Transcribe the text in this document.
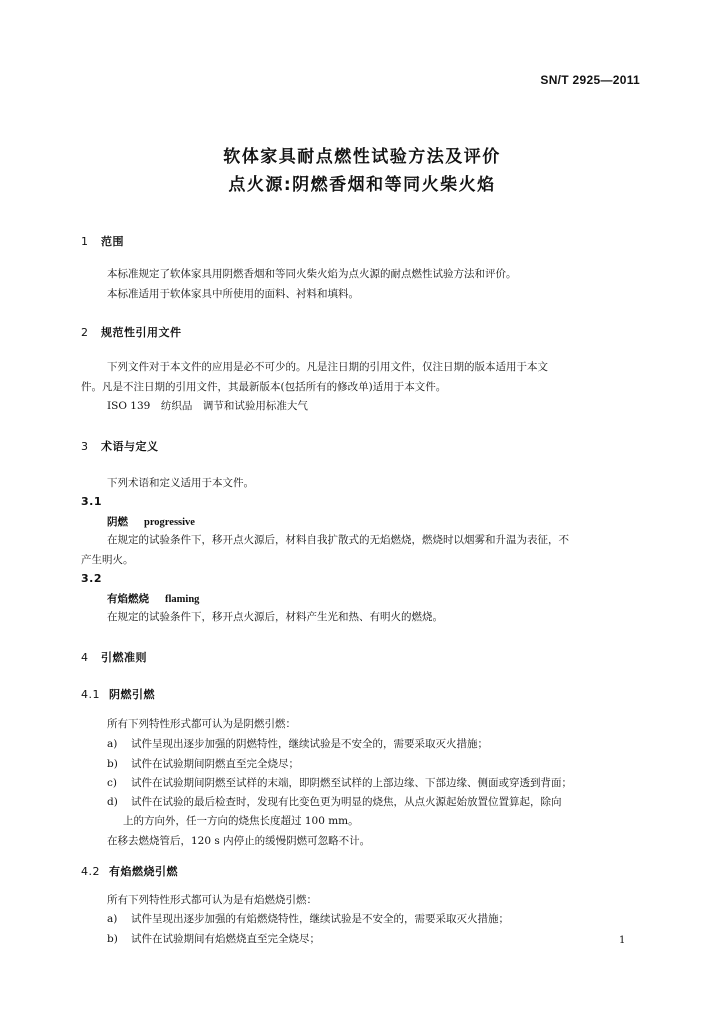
SN/T 2925—2011
软体家具耐点燃性试验方法及评价
点火源:阴燃香烟和等同火柴火焰
1 范围
本标准规定了软体家具用阴燃香烟和等同火柴火焰为点火源的耐点燃性试验方法和评价。
本标准适用于软体家具中所使用的面料、衬料和填料。
2 规范性引用文件
下列文件对于本文件的应用是必不可少的。凡是注日期的引用文件，仅注日期的版本适用于本文
件。凡是不注日期的引用文件，其最新版本(包括所有的修改单)适用于本文件。
ISO 139　纺织品　调节和试验用标准大气
3 术语与定义
下列术语和定义适用于本文件。
3.1
阴燃 progressive
在规定的试验条件下，移开点火源后，材料自我扩散式的无焰燃烧，燃烧时以烟雾和升温为表征，不
产生明火。
3.2
有焰燃烧 flaming
在规定的试验条件下，移开点火源后，材料产生光和热、有明火的燃烧。
4 引燃准则
4.1 阴燃引燃
所有下列特性形式都可认为是阴燃引燃：
a) 试件呈现出逐步加强的阴燃特性，继续试验是不安全的，需要采取灭火措施；
b) 试件在试验期间阴燃直至完全烧尽；
c) 试件在试验期间阴燃至试样的末端，即阴燃至试样的上部边缘、下部边缘、侧面或穿透到背面；
d) 试件在试验的最后检查时，发现有比变色更为明显的烧焦，从点火源起始放置位置算起，除向
上的方向外，任一方向的烧焦长度超过 100 mm。
在移去燃烧管后，120 s 内停止的缓慢阴燃可忽略不计。
4.2 有焰燃烧引燃
所有下列特性形式都可认为是有焰燃烧引燃：
a) 试件呈现出逐步加强的有焰燃烧特性，继续试验是不安全的，需要采取灭火措施；
b) 试件在试验期间有焰燃烧直至完全烧尽；	1
